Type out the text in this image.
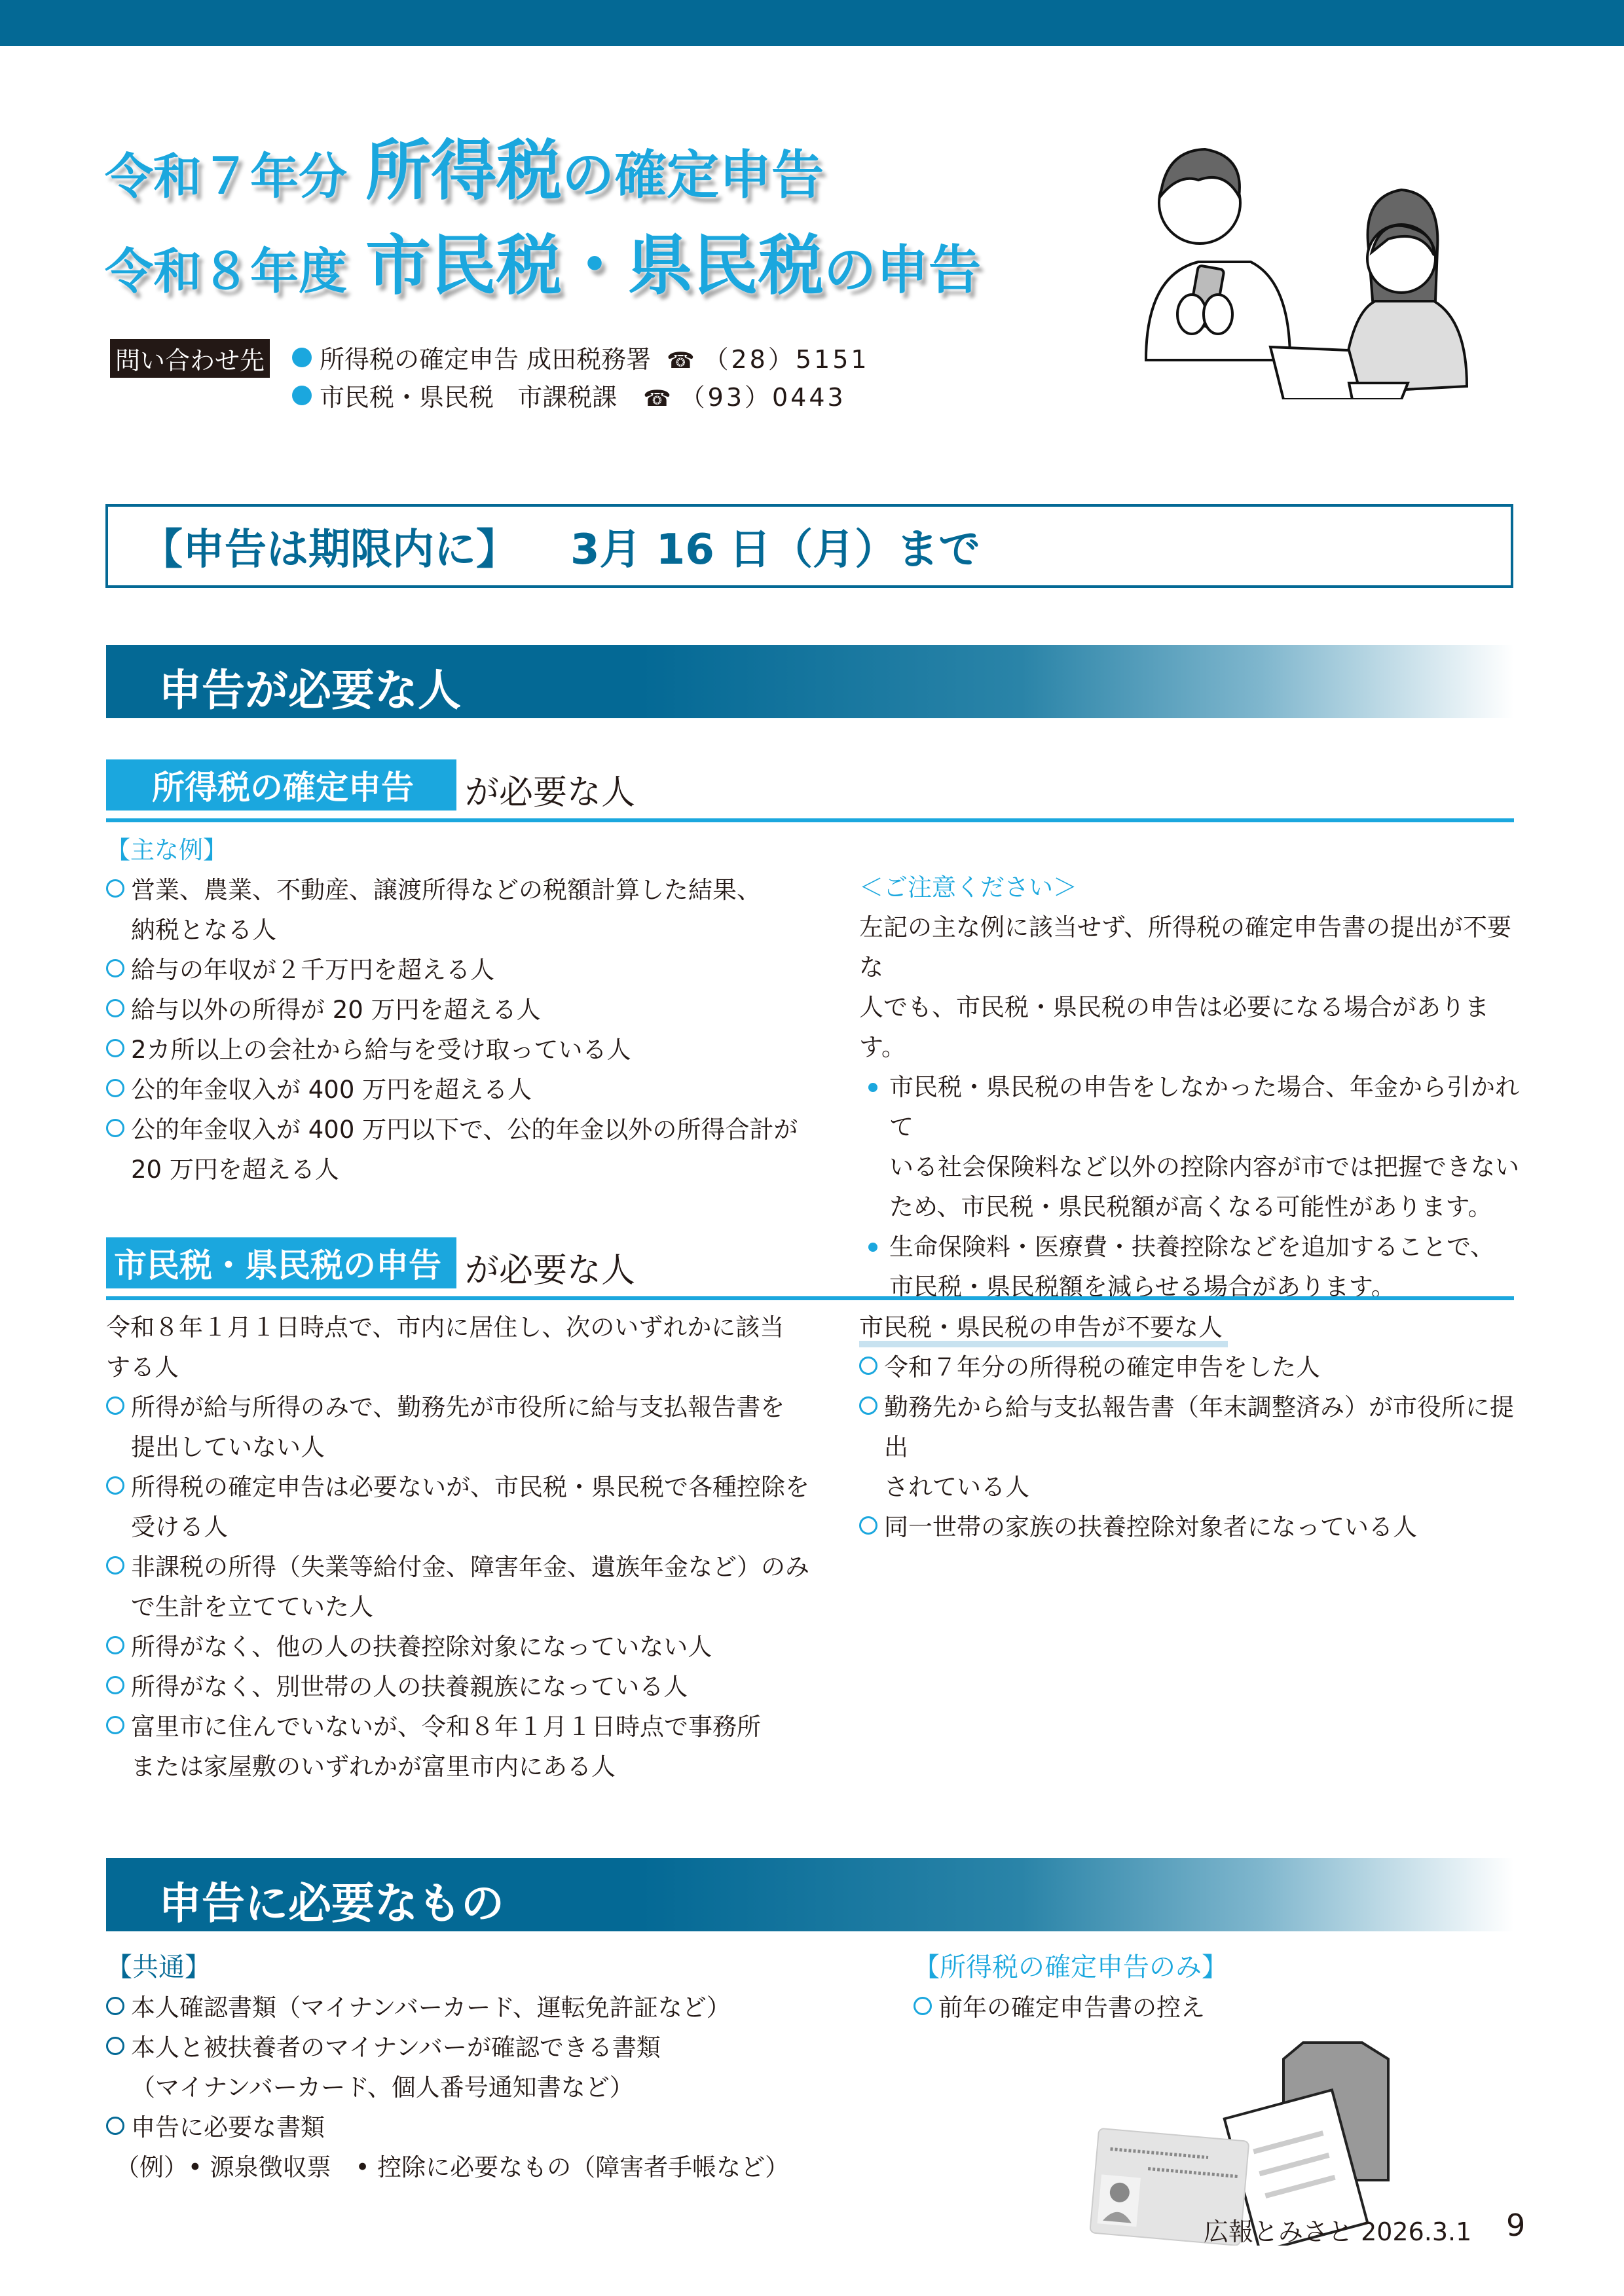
令和７年分 所得税の確定申告
令和８年度 市民税・県民税の申告
問い合わせ先 所得税の確定申告
成田税務署 ☎ （28）5151
市民税・県民税
市課税課 ☎ （93）0443
【申告は期限内に】 3月 16 日（月）まで
申告が必要な人
所得税の確定申告	が必要な人
【主な例】
営業、農業、不動産、譲渡所得などの税額計算した結果、
納税となる人
給与の年収が２千万円を超える人
給与以外の所得が 20 万円を超える人
2カ所以上の会社から給与を受け取っている人
公的年金収入が 400 万円を超える人
公的年金収入が 400 万円以下で、公的年金以外の所得合計が
20 万円を超える人
＜ご注意ください＞
左記の主な例に該当せず、所得税の確定申告書の提出が不要な
人でも、市民税・県民税の申告は必要になる場合があります。
市民税・県民税の申告をしなかった場合、年金から引かれて
いる社会保険料など以外の控除内容が市では把握できない
ため、市民税・県民税額が高くなる可能性があります。
生命保険料・医療費・扶養控除などを追加することで、
市民税・県民税額を減らせる場合があります。
市民税・県民税の申告 が必要な人
令和８年１月１日時点で、市内に居住し、次のいずれかに該当
する人
所得が給与所得のみで、勤務先が市役所に給与支払報告書を
提出していない人
所得税の確定申告は必要ないが、市民税・県民税で各種控除を
受ける人
非課税の所得（失業等給付金、障害年金、遺族年金など）のみ
で生計を立てていた人
所得がなく、他の人の扶養控除対象になっていない人
所得がなく、別世帯の人の扶養親族になっている人
富里市に住んでいないが、令和８年１月１日時点で事務所
または家屋敷のいずれかが富里市内にある人
市民税・県民税の申告が不要な人
令和７年分の所得税の確定申告をした人
勤務先から給与支払報告書（年末調整済み）が市役所に提出
されている人
同一世帯の家族の扶養控除対象者になっている人
申告に必要なもの
【共通】
本人確認書類（マイナンバーカード、運転免許証など）
本人と被扶養者のマイナンバーが確認できる書類
（マイナンバーカード、個人番号通知書など）
申告に必要な書類
（例）• 源泉徴収票　• 控除に必要なもの（障害者手帳など）
【所得税の確定申告のみ】
前年の確定申告書の控え
広報とみさと 2026.3.1 9
